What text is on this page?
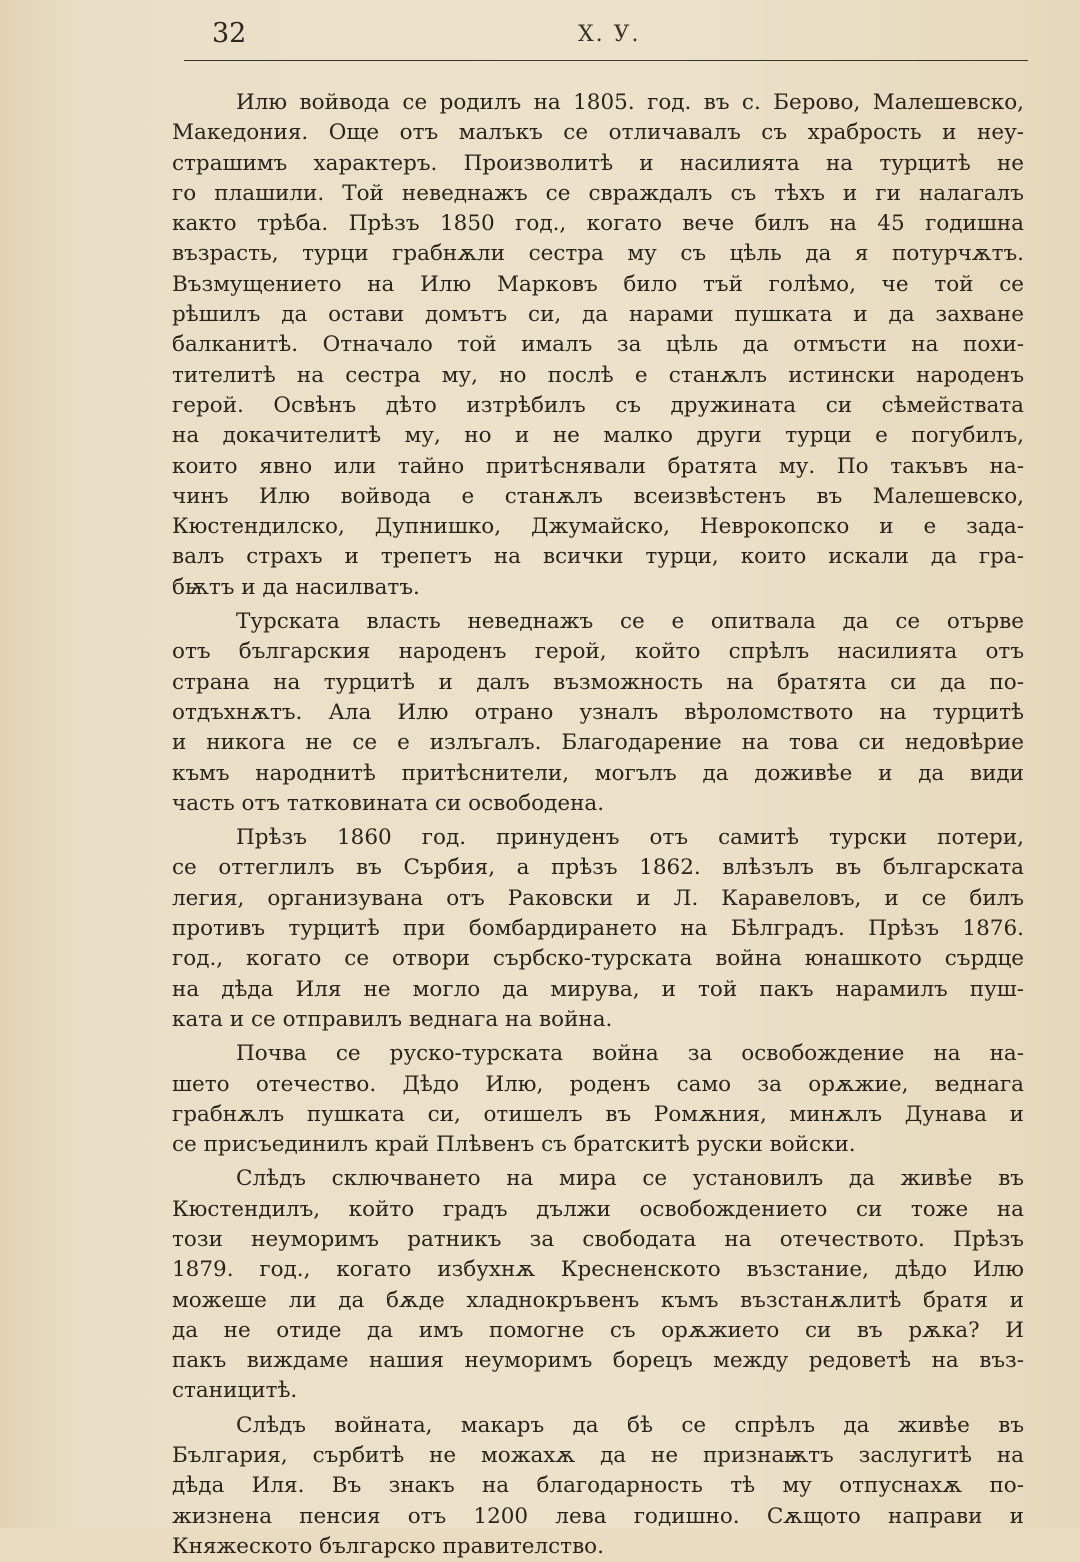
32	Х. У.
Илю войвода се родилъ на 1805. год. въ с. Берово, Малешевско,
Македония. Още отъ малъкъ се отличавалъ съ храбрость и неу-
страшимъ характеръ. Произволитѣ и насилията на турцитѣ не
го плашили. Той неведнажъ се свраждалъ съ тѣхъ и ги налагалъ
както трѣба. Прѣзъ 1850 год., когато вече билъ на 45 годишна
възрасть, турци грабнѫли сестра му съ цѣль да я потурчѫтъ.
Възмущението на Илю Марковъ било тъй голѣмо, че той се
рѣшилъ да остави домътъ си, да нарами пушката и да захване
балканитѣ. Отначало той ималъ за цѣль да отмъсти на похи-
тителитѣ на сестра му, но послѣ е станѫлъ истински народенъ
герой. Освѣнъ дѣто изтрѣбилъ съ дружината си сѣмействата
на докачителитѣ му, но и не малко други турци е погубилъ,
които явно или тайно притѣснявали братята му. По такъвъ на-
чинъ Илю войвода е станѫлъ всеизвѣстенъ въ Малешевско,
Кюстендилско, Дупнишко, Джумайско, Неврокопско и е зада-
валъ страхъ и трепетъ на всички турци, които искали да гра-
бѭтъ и да насилватъ.
Турската власть неведнажъ се е опитвала да се отърве
отъ българския народенъ герой, който спрѣлъ насилията отъ
страна на турцитѣ и далъ възможность на братята си да по-
отдъхнѫтъ. Ала Илю отрано узналъ вѣроломството на турцитѣ
и никога не се е излъгалъ. Благодарение на това си недовѣрие
къмъ народнитѣ притѣснители, могълъ да доживѣе и да види
часть отъ татковината си освободена.
Прѣзъ 1860 год. принуденъ отъ самитѣ турски потери,
се оттеглилъ въ Сърбия, а прѣзъ 1862. влѣзълъ въ българската
легия, организувана отъ Раковски и Л. Каравеловъ, и се билъ
противъ турцитѣ при бомбардирането на Бѣлградъ. Прѣзъ 1876.
год., когато се отвори сърбско-турската война юнашкото сърдце
на дѣда Иля не могло да мирува, и той пакъ нарамилъ пуш-
ката и се отправилъ веднага на война.
Почва се руско-турската война за освобождение на на-
шето отечество. Дѣдо Илю, роденъ само за орѫжие, веднага
грабнѫлъ пушката си, отишелъ въ Ромѫния, минѫлъ Дунава и
се присъединилъ край Плѣвенъ съ братскитѣ руски войски.
Слѣдъ сключването на мира се установилъ да живѣе въ
Кюстендилъ, който градъ дължи освобождението си тоже на
този неуморимъ ратникъ за свободата на отечеството. Прѣзъ
1879. год., когато избухнѫ Кресненското възстание, дѣдо Илю
можеше ли да бѫде хладнокръвенъ къмъ възстанѫлитѣ братя и
да не отиде да имъ помогне съ орѫжието си въ рѫка? И
пакъ виждаме нашия неуморимъ борецъ между редоветѣ на въз-
станицитѣ.
Слѣдъ войната, макаръ да бѣ се спрѣлъ да живѣе въ
България, сърбитѣ не можахѫ да не признаѭтъ заслугитѣ на
дѣда Иля. Въ знакъ на благодарность тѣ му отпуснахѫ по-
жизнена пенсия отъ 1200 лева годишно. Сѫщото направи и
Княжеското българско правителство.
